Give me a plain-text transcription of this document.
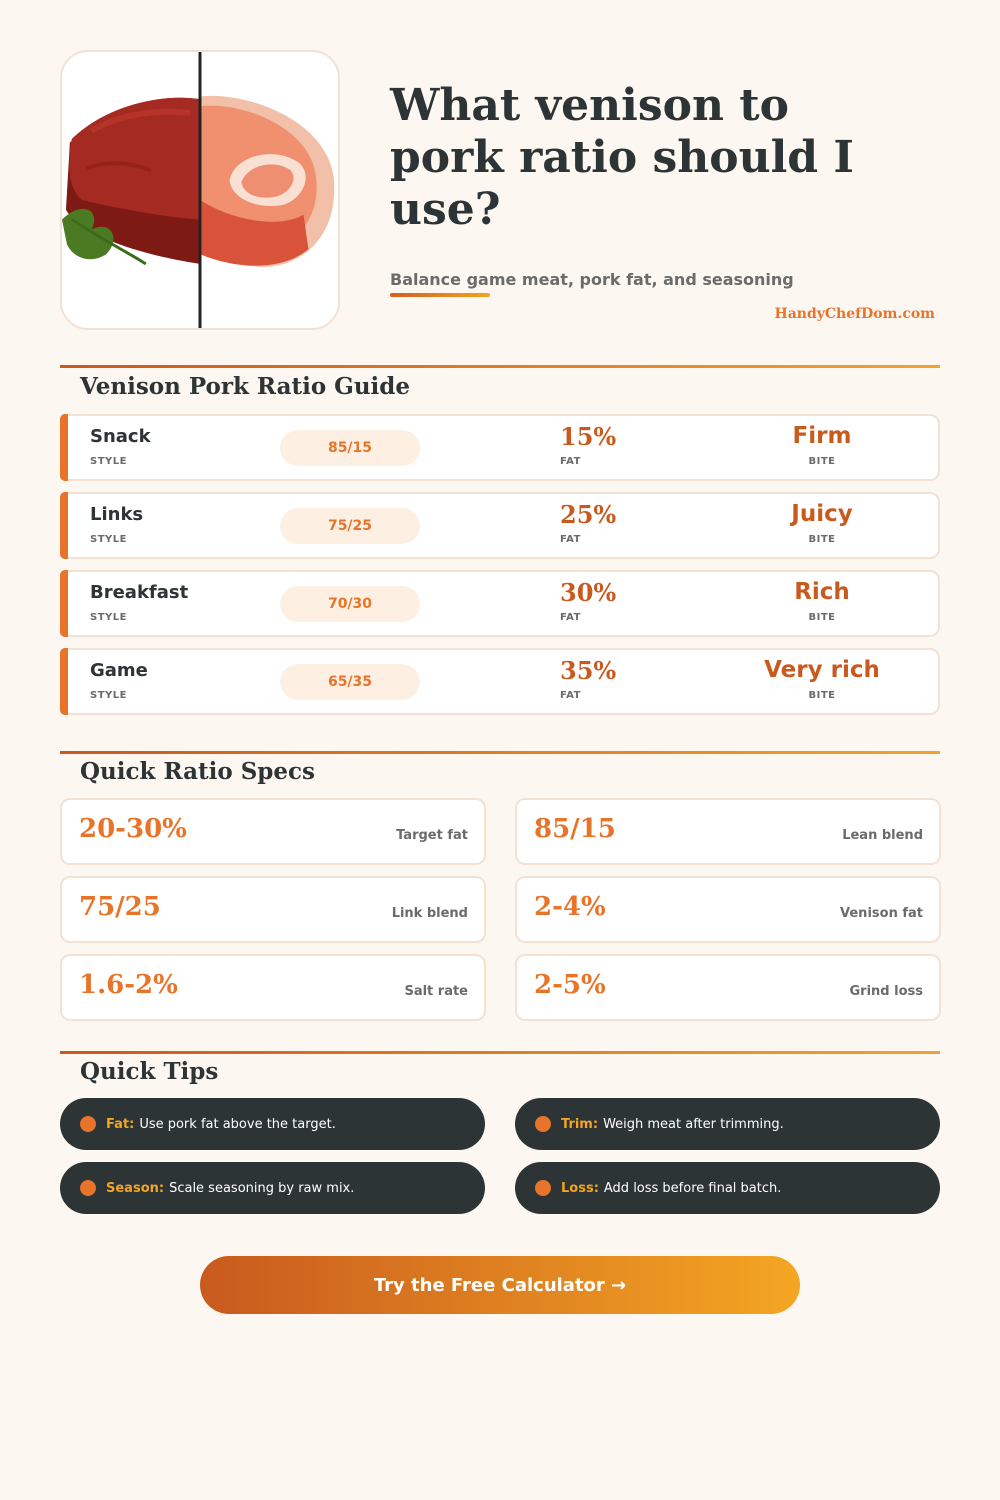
What venison to pork ratio should I use?
Balance game meat, pork fat, and seasoning
HandyChefDom.com
Venison Pork Ratio Guide
Snack
STYLE
85/15	15%
FAT
Firm
BITE
Links
STYLE
75/25	25%
FAT
Juicy
BITE
Breakfast
STYLE
70/30	30%
FAT
Rich
BITE
Game
STYLE
65/35	35%
FAT
Very rich
BITE
Quick Ratio Specs
20-30%	Target fat	85/15	Lean blend
75/25	Link blend	2-4%	Venison fat
1.6-2%	Salt rate	2-5%	Grind loss
Quick Tips
Fat: Use pork fat above the target.	Trim: Weigh meat after trimming.
Season: Scale seasoning by raw mix.	Loss: Add loss before final batch.
Try the Free Calculator →
